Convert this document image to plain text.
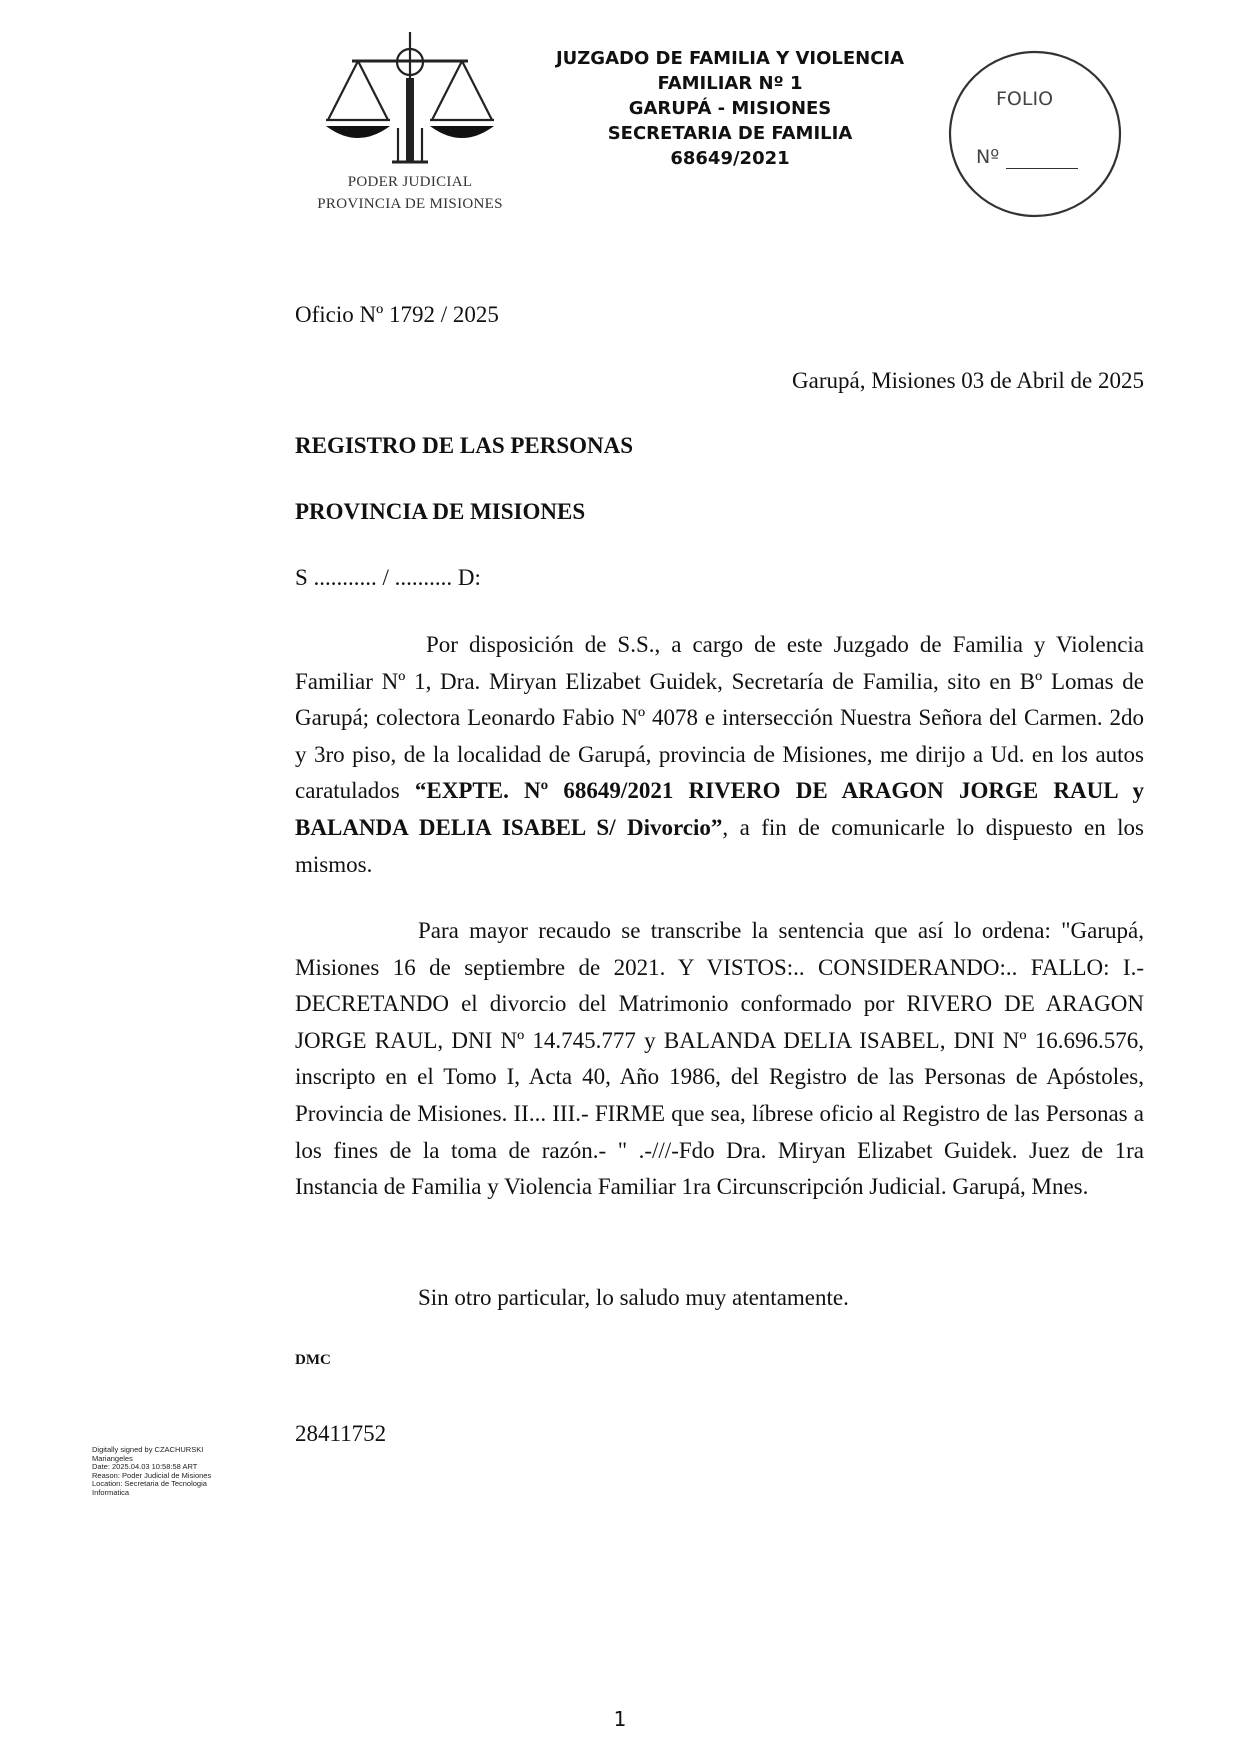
PODER JUDICIAL
PROVINCIA DE MISIONES
JUZGADO DE FAMILIA Y VIOLENCIA
FAMILIAR Nº 1
GARUPÁ - MISIONES
SECRETARIA DE FAMILIA
68649/2021
FOLIO
Nº
Oficio Nº 1792 / 2025
Garupá, Misiones 03 de Abril de 2025
REGISTRO DE LAS PERSONAS
PROVINCIA DE MISIONES
S ........... / .......... D:
Por disposición de S.S., a cargo de este Juzgado de Familia y Violencia Familiar Nº 1, Dra. Miryan Elizabet Guidek, Secretaría de Familia, sito en Bº Lomas de Garupá; colectora Leonardo Fabio Nº 4078 e intersección Nuestra Señora del Carmen. 2do y 3ro piso, de la localidad de Garupá, provincia de Misiones, me dirijo a Ud. en los autos caratulados “EXPTE. Nº 68649/2021 RIVERO DE ARAGON JORGE RAUL y BALANDA DELIA ISABEL S/ Divorcio”, a fin de comunicarle lo dispuesto en los mismos.
Para mayor recaudo se transcribe la sentencia que así lo ordena: "Garupá, Misiones 16 de septiembre de 2021. Y VISTOS:.. CONSIDERANDO:.. FALLO: I.- DECRETANDO el divorcio del Matrimonio conformado por RIVERO DE ARAGON JORGE RAUL, DNI Nº 14.745.777 y BALANDA DELIA ISABEL, DNI Nº 16.696.576, inscripto en el Tomo I, Acta 40, Año 1986, del Registro de las Personas de Apóstoles, Provincia de Misiones. II... III.- FIRME que sea, líbrese oficio al Registro de las Personas a los fines de la toma de razón.- " .-///-Fdo Dra. Miryan Elizabet Guidek. Juez de 1ra Instancia de Familia y Violencia Familiar 1ra Circunscripción Judicial. Garupá, Mnes.
Sin otro particular, lo saludo muy atentamente.
DMC
28411752
Digitally signed by CZACHURSKI
Mariangeles
Date: 2025.04.03 10:58:58 ART
Reason: Poder Judicial de Misiones
Location: Secretaria de Tecnologia
Informatica
1
